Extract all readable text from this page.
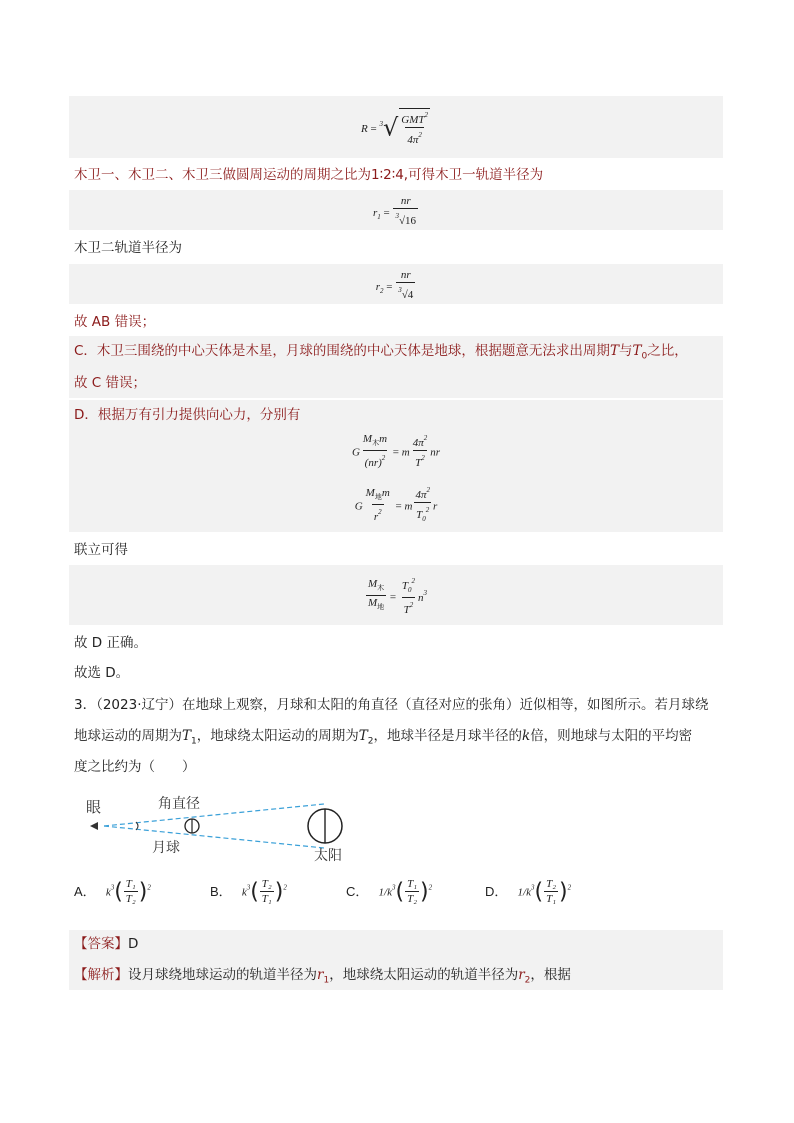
$R = ^3√ \frac{GMT^2}{4\pi^2}$
木卫一、木卫二、木卫三做圆周运动的周期之比为1∶2∶4,可得木卫一轨道半径为
$r_1 = \frac{nr}{^3√16}$
木卫二轨道半径为
$r_2 = \frac{nr}{^3√4}$
故 AB 错误；
C．木卫三围绕的中心天体是木星，月球的围绕的中心天体是地球，根据题意无法求出周期T与$T_0$之比，
故 C 错误；
D．根据万有引力提供向心力，分别有
G $\frac{M_木m}{(nr)^2} = m \frac{4\pi^2}{T^2}$ nr
G $\frac{M_地m}{r^2} = m \frac{4\pi^2}{T_0^2}$ r
联立可得
$\frac{M_木}{M_地} = \frac{T_0^2}{T^2} n^3$
故 D 正确。
故选 D。
3．（2023·辽宁）在地球上观察，月球和太阳的角直径（直径对应的张角）近似相等，如图所示。若月球绕
地球运动的周期为$T_1$，地球绕太阳运动的周期为$T_2$，地球半径是月球半径的k倍，则地球与太阳的平均密
度之比约为（　　）
眼	角直径
月球	太阳
A． $k^3( \frac{\text{T₁}}{\text{T₂}} )^2$	B． $k^3( \frac{\text{T₂}}{\text{T₁}} )^2$	C． $1/k^3( \frac{\text{T₁}}{\text{T₂}} )^2$	D． $1/k^3( \frac{\text{T₂}}{\text{T₁}} )^2$
【答案】D
【解析】设月球绕地球运动的轨道半径为$r_1$，地球绕太阳运动的轨道半径为$r_2$，根据
